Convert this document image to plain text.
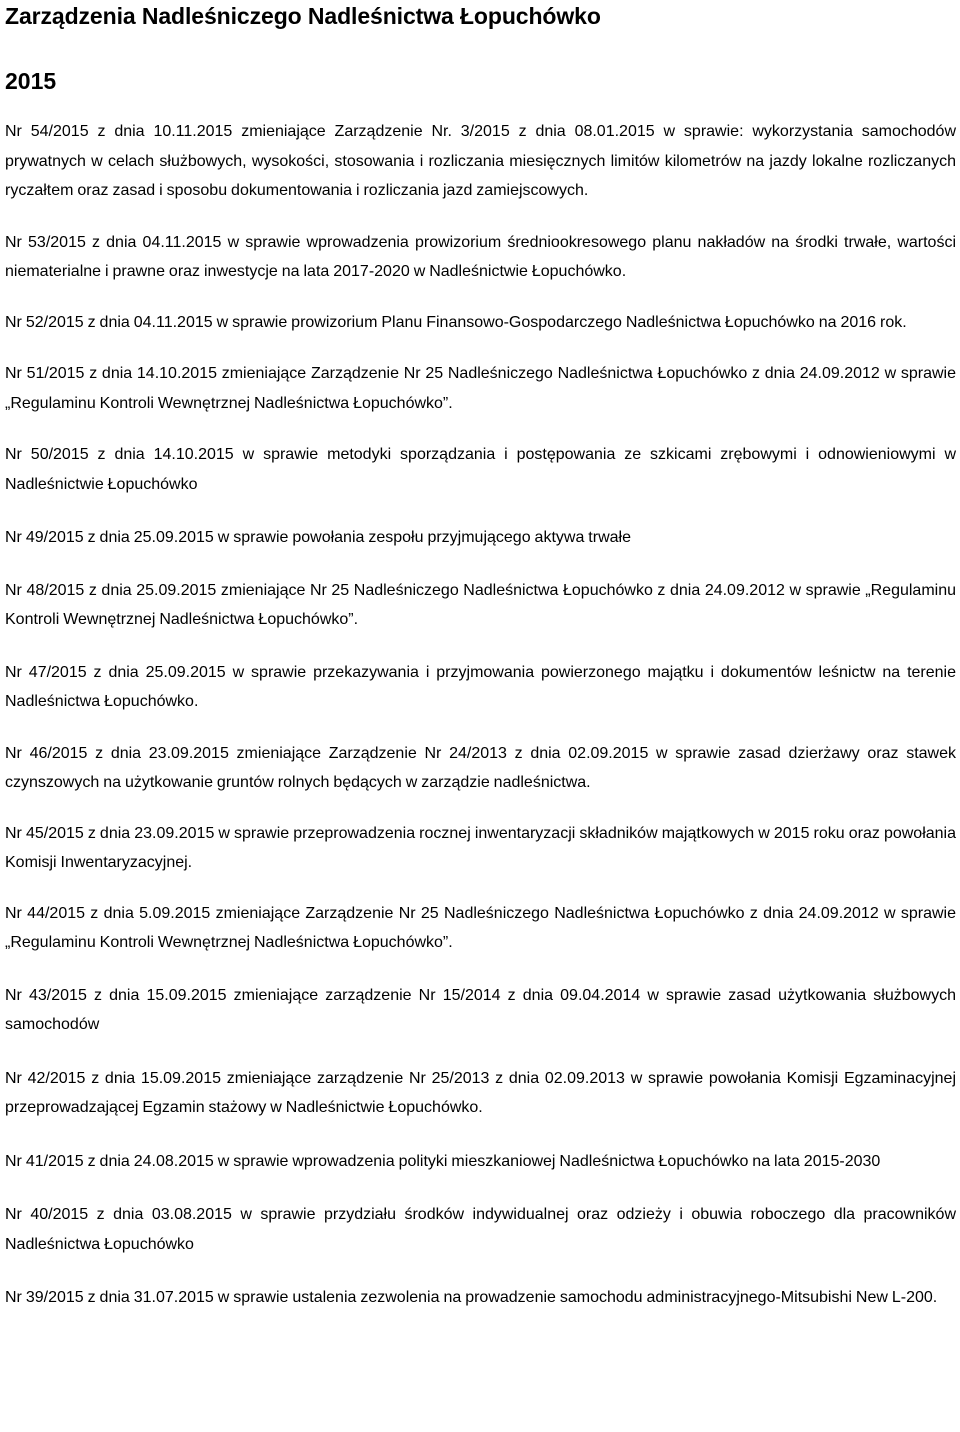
Zarządzenia Nadleśniczego Nadleśnictwa Łopuchówko
2015

Nr 54/2015 z dnia 10.11.2015 zmieniające Zarządzenie Nr. 3/2015 z dnia 08.01.2015 w sprawie: wykorzystania samochodów prywatnych w celach służbowych, wysokości, stosowania i rozliczania miesięcznych limitów kilometrów na jazdy lokalne rozliczanych ryczałtem oraz zasad i sposobu dokumentowania i rozliczania jazd zamiejscowych.

Nr 53/2015 z dnia 04.11.2015 w sprawie wprowadzenia prowizorium średniookresowego planu nakładów na środki trwałe, wartości niematerialne i prawne oraz inwestycje na lata 2017-2020 w Nadleśnictwie Łopuchówko.

Nr 52/2015 z dnia 04.11.2015 w sprawie prowizorium Planu Finansowo-Gospodarczego Nadleśnictwa Łopuchówko na 2016 rok.

Nr 51/2015 z dnia 14.10.2015 zmieniające Zarządzenie Nr 25 Nadleśniczego Nadleśnictwa Łopuchówko z dnia 24.09.2012 w sprawie „Regulaminu Kontroli Wewnętrznej Nadleśnictwa Łopuchówko”.

Nr 50/2015 z dnia 14.10.2015 w sprawie metodyki sporządzania i postępowania ze szkicami zrębowymi i odnowieniowymi w Nadleśnictwie Łopuchówko

Nr 49/2015 z dnia 25.09.2015 w sprawie powołania zespołu przyjmującego aktywa trwałe

Nr 48/2015 z dnia 25.09.2015 zmieniające Nr 25 Nadleśniczego Nadleśnictwa Łopuchówko z dnia 24.09.2012 w sprawie „Regulaminu Kontroli Wewnętrznej Nadleśnictwa Łopuchówko”.

Nr 47/2015 z dnia 25.09.2015 w sprawie przekazywania i przyjmowania powierzonego majątku i dokumentów leśnictw na terenie Nadleśnictwa Łopuchówko.

Nr 46/2015 z dnia 23.09.2015 zmieniające Zarządzenie Nr 24/2013 z dnia 02.09.2015 w sprawie zasad dzierżawy oraz stawek czynszowych na użytkowanie gruntów rolnych będących w zarządzie nadleśnictwa.

Nr 45/2015 z dnia 23.09.2015 w sprawie przeprowadzenia rocznej inwentaryzacji składników majątkowych w 2015 roku oraz powołania Komisji Inwentaryzacyjnej.

Nr 44/2015 z dnia 5.09.2015 zmieniające Zarządzenie Nr 25 Nadleśniczego Nadleśnictwa Łopuchówko z dnia 24.09.2012 w sprawie „Regulaminu Kontroli Wewnętrznej Nadleśnictwa Łopuchówko”.

Nr 43/2015 z dnia 15.09.2015 zmieniające zarządzenie Nr 15/2014 z dnia 09.04.2014 w sprawie zasad użytkowania służbowych samochodów

Nr 42/2015 z dnia 15.09.2015 zmieniające zarządzenie Nr 25/2013 z dnia 02.09.2013 w sprawie powołania Komisji Egzaminacyjnej przeprowadzającej Egzamin stażowy w Nadleśnictwie Łopuchówko.

Nr 41/2015 z dnia 24.08.2015 w sprawie wprowadzenia polityki mieszkaniowej Nadleśnictwa Łopuchówko na lata 2015-2030

Nr 40/2015 z dnia 03.08.2015 w sprawie przydziału środków indywidualnej oraz odzieży i obuwia roboczego dla pracowników Nadleśnictwa Łopuchówko

Nr 39/2015 z dnia 31.07.2015 w sprawie ustalenia zezwolenia na prowadzenie samochodu administracyjnego-Mitsubishi New L-200.
